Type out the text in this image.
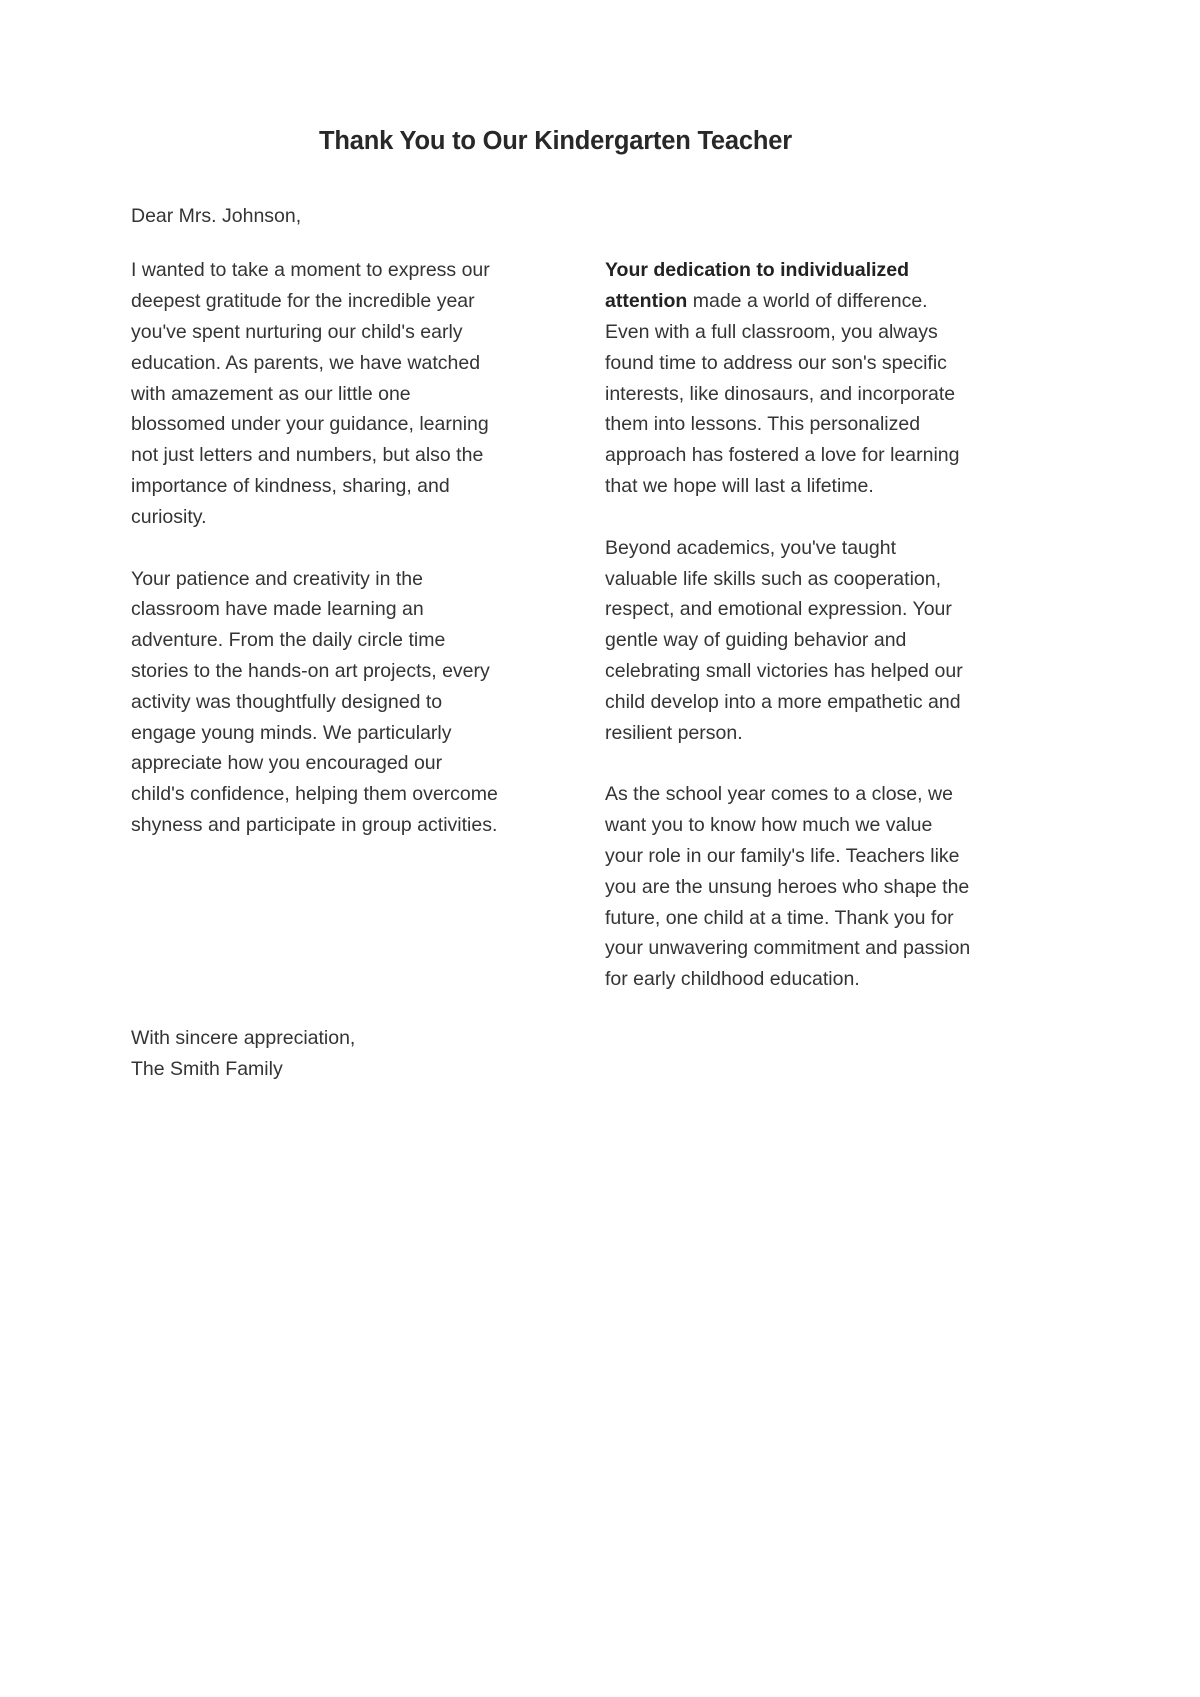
Thank You to Our Kindergarten Teacher

Dear Mrs. Johnson,

I wanted to take a moment to express our deepest gratitude for the incredible year you've spent nurturing our child's early education. As parents, we have watched with amazement as our little one blossomed under your guidance, learning not just letters and numbers, but also the importance of kindness, sharing, and curiosity.

Your patience and creativity in the classroom have made learning an adventure. From the daily circle time stories to the hands-on art projects, every activity was thoughtfully designed to engage young minds. We particularly appreciate how you encouraged our child's confidence, helping them overcome shyness and participate in group activities.

Your dedication to individualized attention made a world of difference. Even with a full classroom, you always found time to address our son's specific interests, like dinosaurs, and incorporate them into lessons. This personalized approach has fostered a love for learning that we hope will last a lifetime.

Beyond academics, you've taught valuable life skills such as cooperation, respect, and emotional expression. Your gentle way of guiding behavior and celebrating small victories has helped our child develop into a more empathetic and resilient person.

As the school year comes to a close, we want you to know how much we value your role in our family's life. Teachers like you are the unsung heroes who shape the future, one child at a time. Thank you for your unwavering commitment and passion for early childhood education.

With sincere appreciation,

The Smith Family
